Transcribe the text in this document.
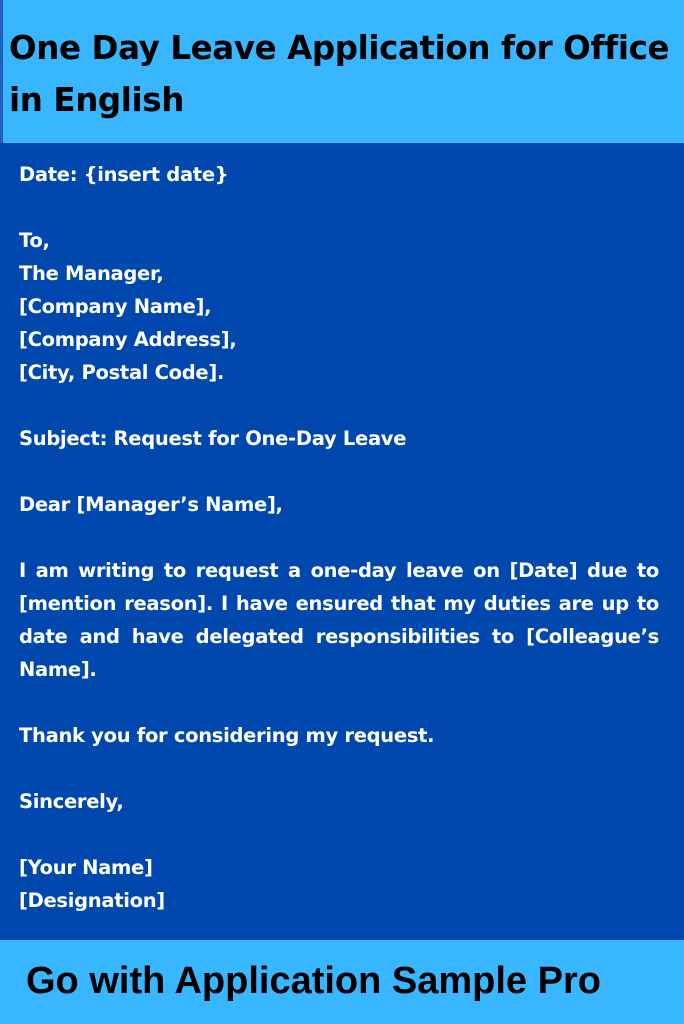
One Day Leave Application for Office in English

Date: {insert date}

To,
The Manager,
[Company Name],
[Company Address],
[City, Postal Code].

Subject: Request for One-Day Leave

Dear [Manager’s Name],

I am writing to request a one-day leave on [Date] due to [mention reason]. I have ensured that my duties are up to date and have delegated responsibilities to [Colleague’s Name].

Thank you for considering my request.

Sincerely,

[Your Name]
[Designation]

Go with Application Sample Pro
